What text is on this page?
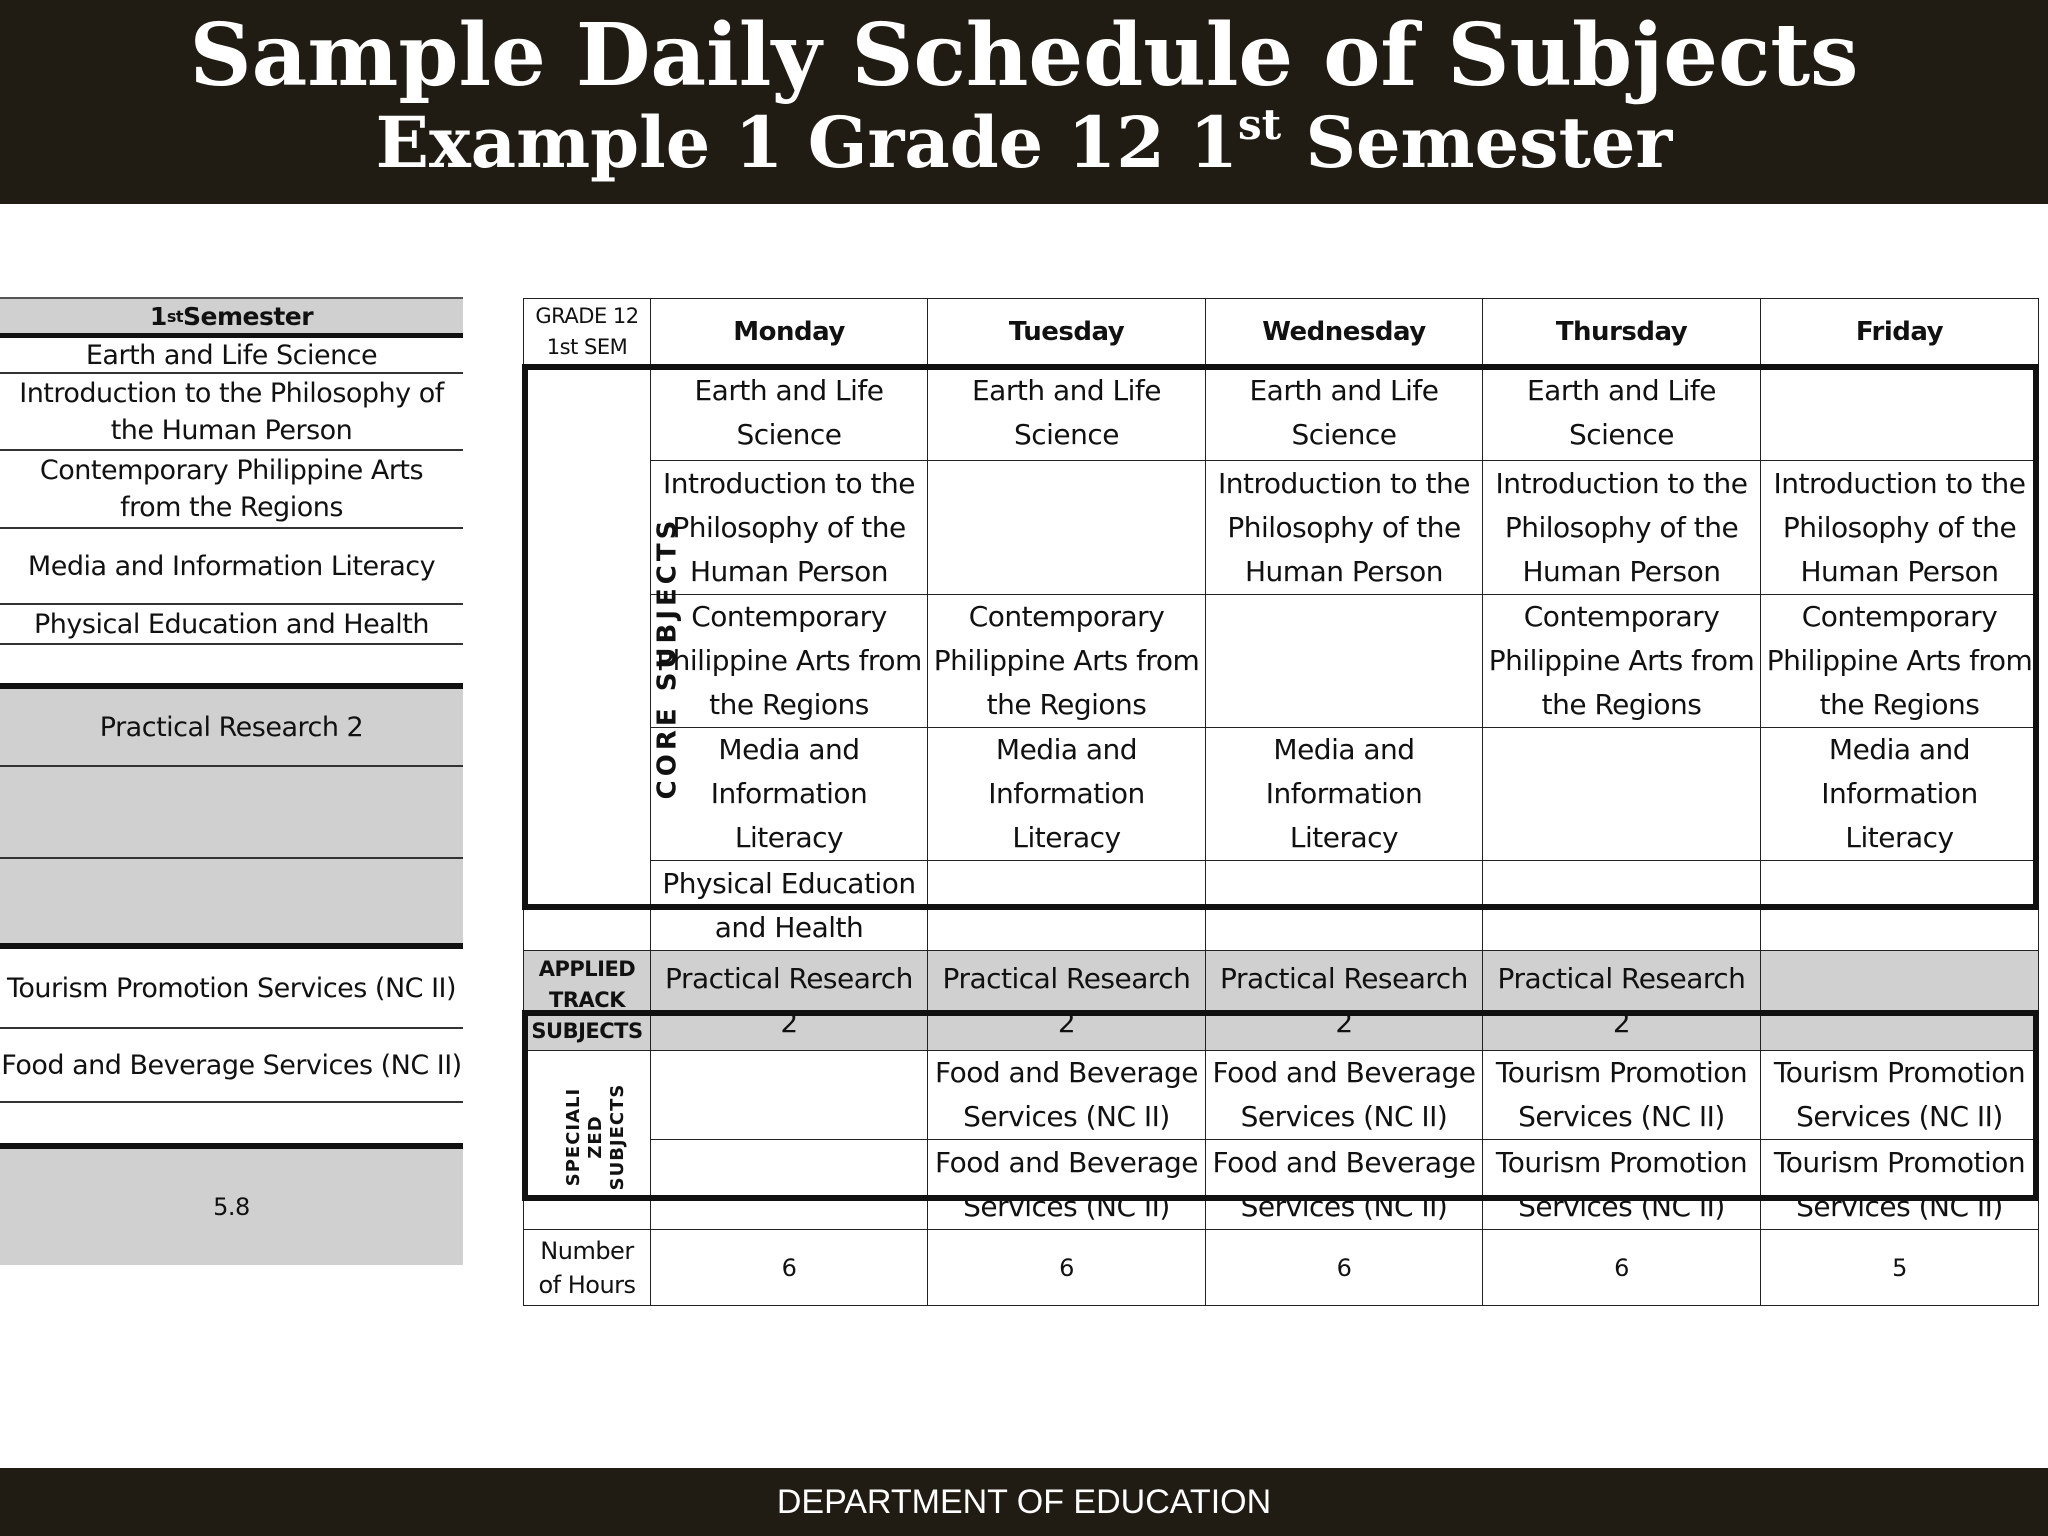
Sample Daily Schedule of Subjects
Example 1 Grade 12 1st Semester
1 st Semester
Earth and Life Science
Introduction to the Philosophy of the Human Person
Contemporary Philippine Arts from the Regions
Media and Information Literacy
Physical Education and Health
Practical Research 2
Tourism Promotion Services (NC II)
Food and Beverage Services (NC II)
5.8
GRADE 12
1st SEM	Monday	Tuesday	Wednesday	Thursday	Friday
CORE SUBJECTS	Earth and Life Science	Earth and Life Science	Earth and Life Science	Earth and Life Science	
	Introduction to the Philosophy of the Human Person		Introduction to the Philosophy of the Human Person	Introduction to the Philosophy of the Human Person	Introduction to the Philosophy of the Human Person
	Contemporary Philippine Arts from the Regions	Contemporary Philippine Arts from the Regions		Contemporary Philippine Arts from the Regions	Contemporary Philippine Arts from the Regions
	Media and Information Literacy	Media and Information Literacy	Media and Information Literacy		Media and Information Literacy
	Physical Education and Health				
APPLIED TRACK SUBJECTS	Practical Research 2	Practical Research 2	Practical Research 2	Practical Research 2	
SPECIALI ZED SUBJECTS		Food and Beverage Services (NC II)	Food and Beverage Services (NC II)	Tourism Promotion Services (NC II)	Tourism Promotion Services (NC II)
		Food and Beverage Services (NC II)	Food and Beverage Services (NC II)	Tourism Promotion Services (NC II)	Tourism Promotion Services (NC II)
Number of Hours	6	6	6	6	5
DEPARTMENT OF EDUCATION
